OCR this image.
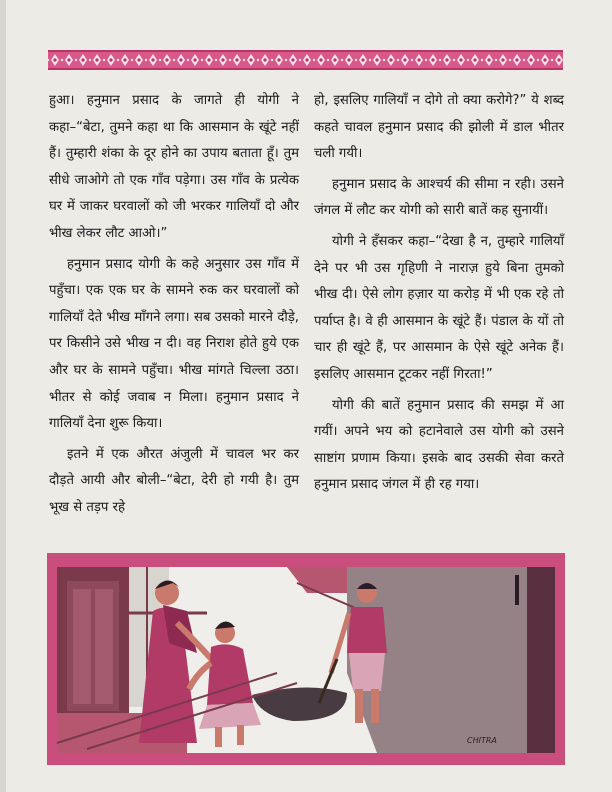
हुआ। हनुमान प्रसाद के जागते ही योगी ने कहा–“बेटा, तुमने कहा था कि आसमान के खूंटे नहीं हैं। तुम्हारी शंका के दूर होने का उपाय बताता हूँ। तुम सीधे जाओगे तो एक गाँव पड़ेगा। उस गाँव के प्रत्येक घर में जाकर घरवालों को जी भरकर गालियाँ दो और भीख लेकर लौट आओ।”

हनुमान प्रसाद योगी के कहे अनुसार उस गाँव में पहुँचा। एक एक घर के सामने रुक कर घरवालों को गालियाँ देते भीख माँगने लगा। सब उसको मारने दौड़े, पर किसीने उसे भीख न दी। वह निराश होते हुये एक और घर के सामने पहुँचा। भीख मांगते चिल्ला उठा। भीतर से कोई जवाब न मिला। हनुमान प्रसाद ने गालियाँ देना शुरू किया।

इतने में एक औरत अंजुली में चावल भर कर दौड़ते आयी और बोली–“बेटा, देरी हो गयी है। तुम भूख से तड़प रहे

हो, इसलिए गालियाँ न दोगे तो क्या करोगे?” ये शब्द कहते चावल हनुमान प्रसाद की झोली में डाल भीतर चली गयी।

हनुमान प्रसाद के आश्चर्य की सीमा न रही। उसने जंगल में लौट कर योगी को सारी बातें कह सुनायीं।

योगी ने हँसकर कहा–“देखा है न, तुम्हारे गालियाँ देने पर भी उस गृहिणी ने नाराज़ हुये बिना तुमको भीख दी। ऐसे लोग हज़ार या करोड़ में भी एक रहे तो पर्याप्त है। वे ही आसमान के खूंटे हैं। पंडाल के यों तो चार ही खूंटे हैं, पर आसमान के ऐसे खूंटे अनेक हैं। इसलिए आसमान टूटकर नहीं गिरता!”

योगी की बातें हनुमान प्रसाद की समझ में आ गयीं। अपने भय को हटानेवाले उस योगी को उसने साष्टांग प्रणाम किया। इसके बाद उसकी सेवा करते हनुमान प्रसाद जंगल में ही रह गया।

CHITRA
